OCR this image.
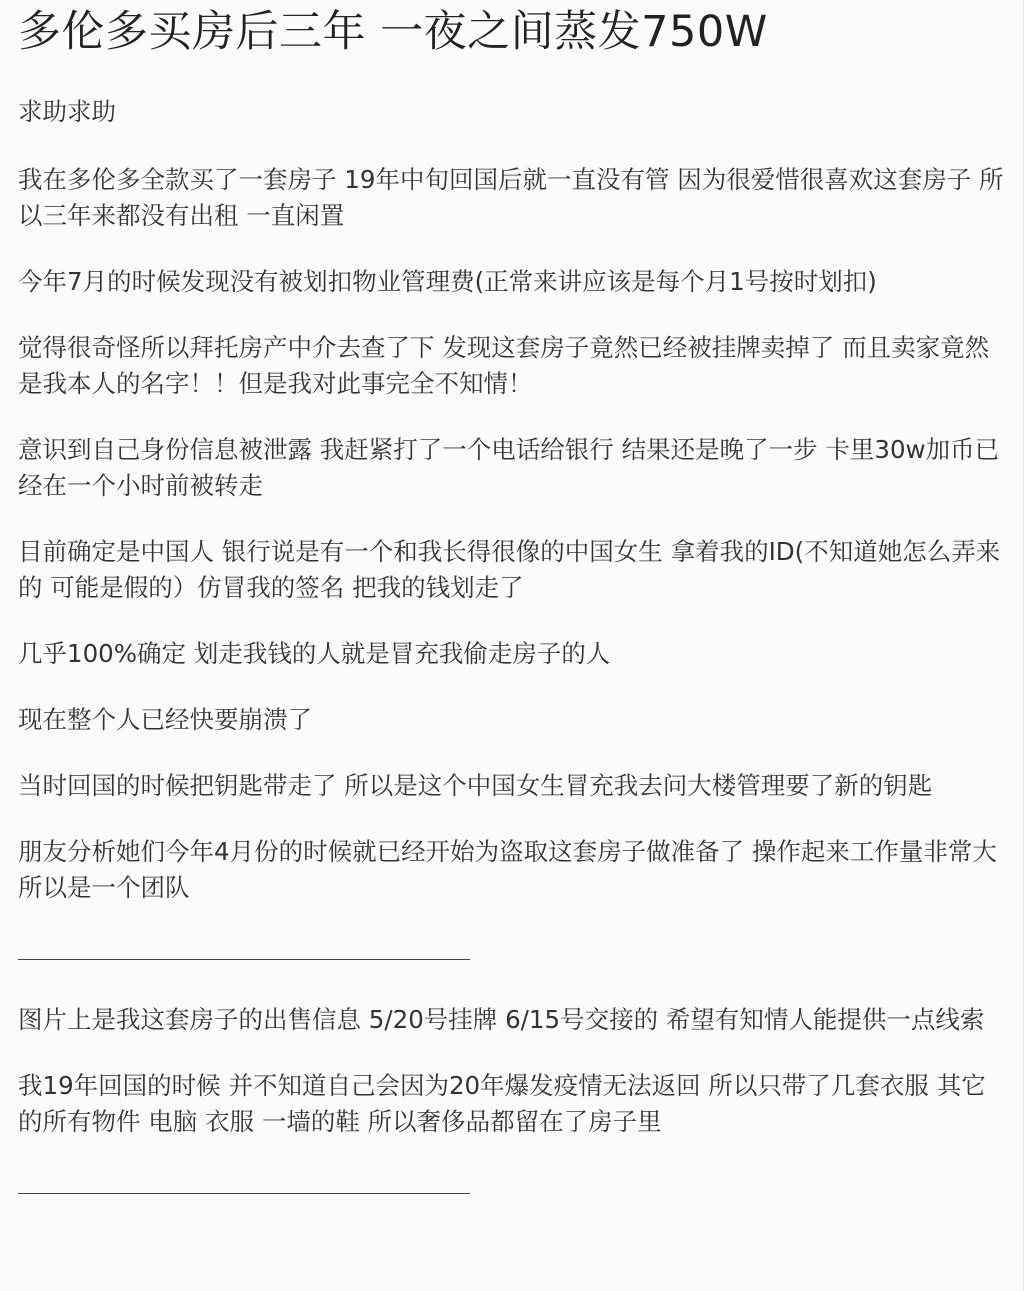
多伦多买房后三年 一夜之间蒸发750W

求助求助

我在多伦多全款买了一套房子 19年中旬回国后就一直没有管 因为很爱惜很喜欢这套房子 所以三年来都没有出租 一直闲置

今年7月的时候发现没有被划扣物业管理费(正常来讲应该是每个月1号按时划扣)

觉得很奇怪所以拜托房产中介去查了下 发现这套房子竟然已经被挂牌卖掉了 而且卖家竟然是我本人的名字！！但是我对此事完全不知情！

意识到自己身份信息被泄露 我赶紧打了一个电话给银行 结果还是晚了一步 卡里30w加币已经在一个小时前被转走

目前确定是中国人 银行说是有一个和我长得很像的中国女生 拿着我的ID(不知道她怎么弄来的 可能是假的）仿冒我的签名 把我的钱划走了

几乎100%确定 划走我钱的人就是冒充我偷走房子的人

现在整个人已经快要崩溃了

当时回国的时候把钥匙带走了 所以是这个中国女生冒充我去问大楼管理要了新的钥匙

朋友分析她们今年4月份的时候就已经开始为盗取这套房子做准备了 操作起来工作量非常大 所以是一个团队

图片上是我这套房子的出售信息 5/20号挂牌 6/15号交接的 希望有知情人能提供一点线索

我19年回国的时候 并不知道自己会因为20年爆发疫情无法返回 所以只带了几套衣服 其它的所有物件 电脑 衣服 一墙的鞋 所以奢侈品都留在了房子里
